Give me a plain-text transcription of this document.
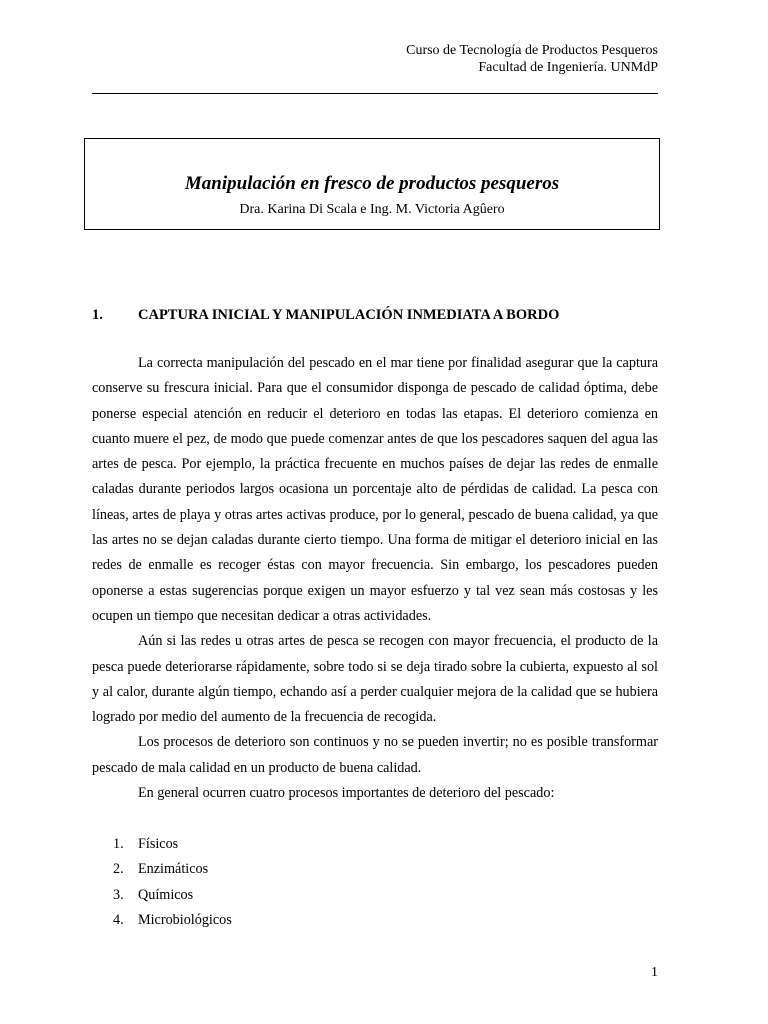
Curso de Tecnología de Productos Pesqueros
Facultad de Ingeniería. UNMdP
Manipulación en fresco de productos pesqueros
Dra. Karina Di Scala e Ing. M. Victoria Agûero
1. CAPTURA INICIAL Y MANIPULACIÓN INMEDIATA A BORDO

La correcta manipulación del pescado en el mar tiene por finalidad asegurar que la captura conserve su frescura inicial. Para que el consumidor disponga de pescado de calidad óptima, debe ponerse especial atención en reducir el deterioro en todas las etapas. El deterioro comienza en cuanto muere el pez, de modo que puede comenzar antes de que los pescadores saquen del agua las artes de pesca. Por ejemplo, la práctica frecuente en muchos países de dejar las redes de enmalle caladas durante periodos largos ocasiona un porcentaje alto de pérdidas de calidad. La pesca con líneas, artes de playa y otras artes activas produce, por lo general, pescado de buena calidad, ya que las artes no se dejan caladas durante cierto tiempo. Una forma de mitigar el deterioro inicial en las redes de enmalle es recoger éstas con mayor frecuencia. Sin embargo, los pescadores pueden oponerse a estas sugerencias porque exigen un mayor esfuerzo y tal vez sean más costosas y les ocupen un tiempo que necesitan dedicar a otras actividades.

Aún si las redes u otras artes de pesca se recogen con mayor frecuencia, el producto de la pesca puede deteriorarse rápidamente, sobre todo si se deja tirado sobre la cubierta, expuesto al sol y al calor, durante algún tiempo, echando así a perder cualquier mejora de la calidad que se hubiera logrado por medio del aumento de la frecuencia de recogida.

Los procesos de deterioro son continuos y no se pueden invertir; no es posible transformar pescado de mala calidad en un producto de buena calidad.

En general ocurren cuatro procesos importantes de deterioro del pescado:

1. Físicos
2. Enzimáticos
3. Químicos
4. Microbiológicos
1
